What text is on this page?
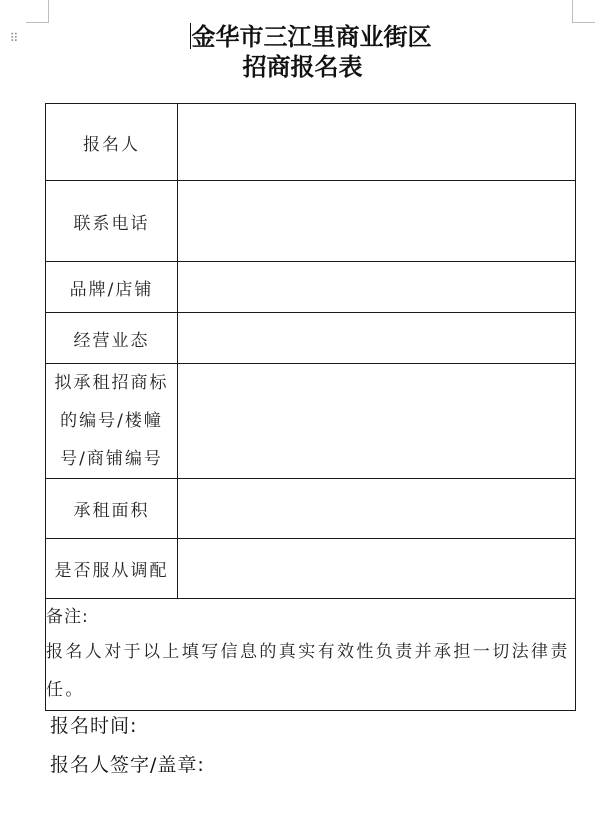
⠿	金华市三江里商业街区
招商报名表
报名人	
联系电话	
品牌/店铺	
经营业态	
拟承租招商标的编号/楼幢号/商铺编号	
承租面积	
是否服从调配	

备注:
报名人对于以上填写信息的真实有效性负责并承担一切法律责任。	
报名时间:
报名人签字/盖章:
